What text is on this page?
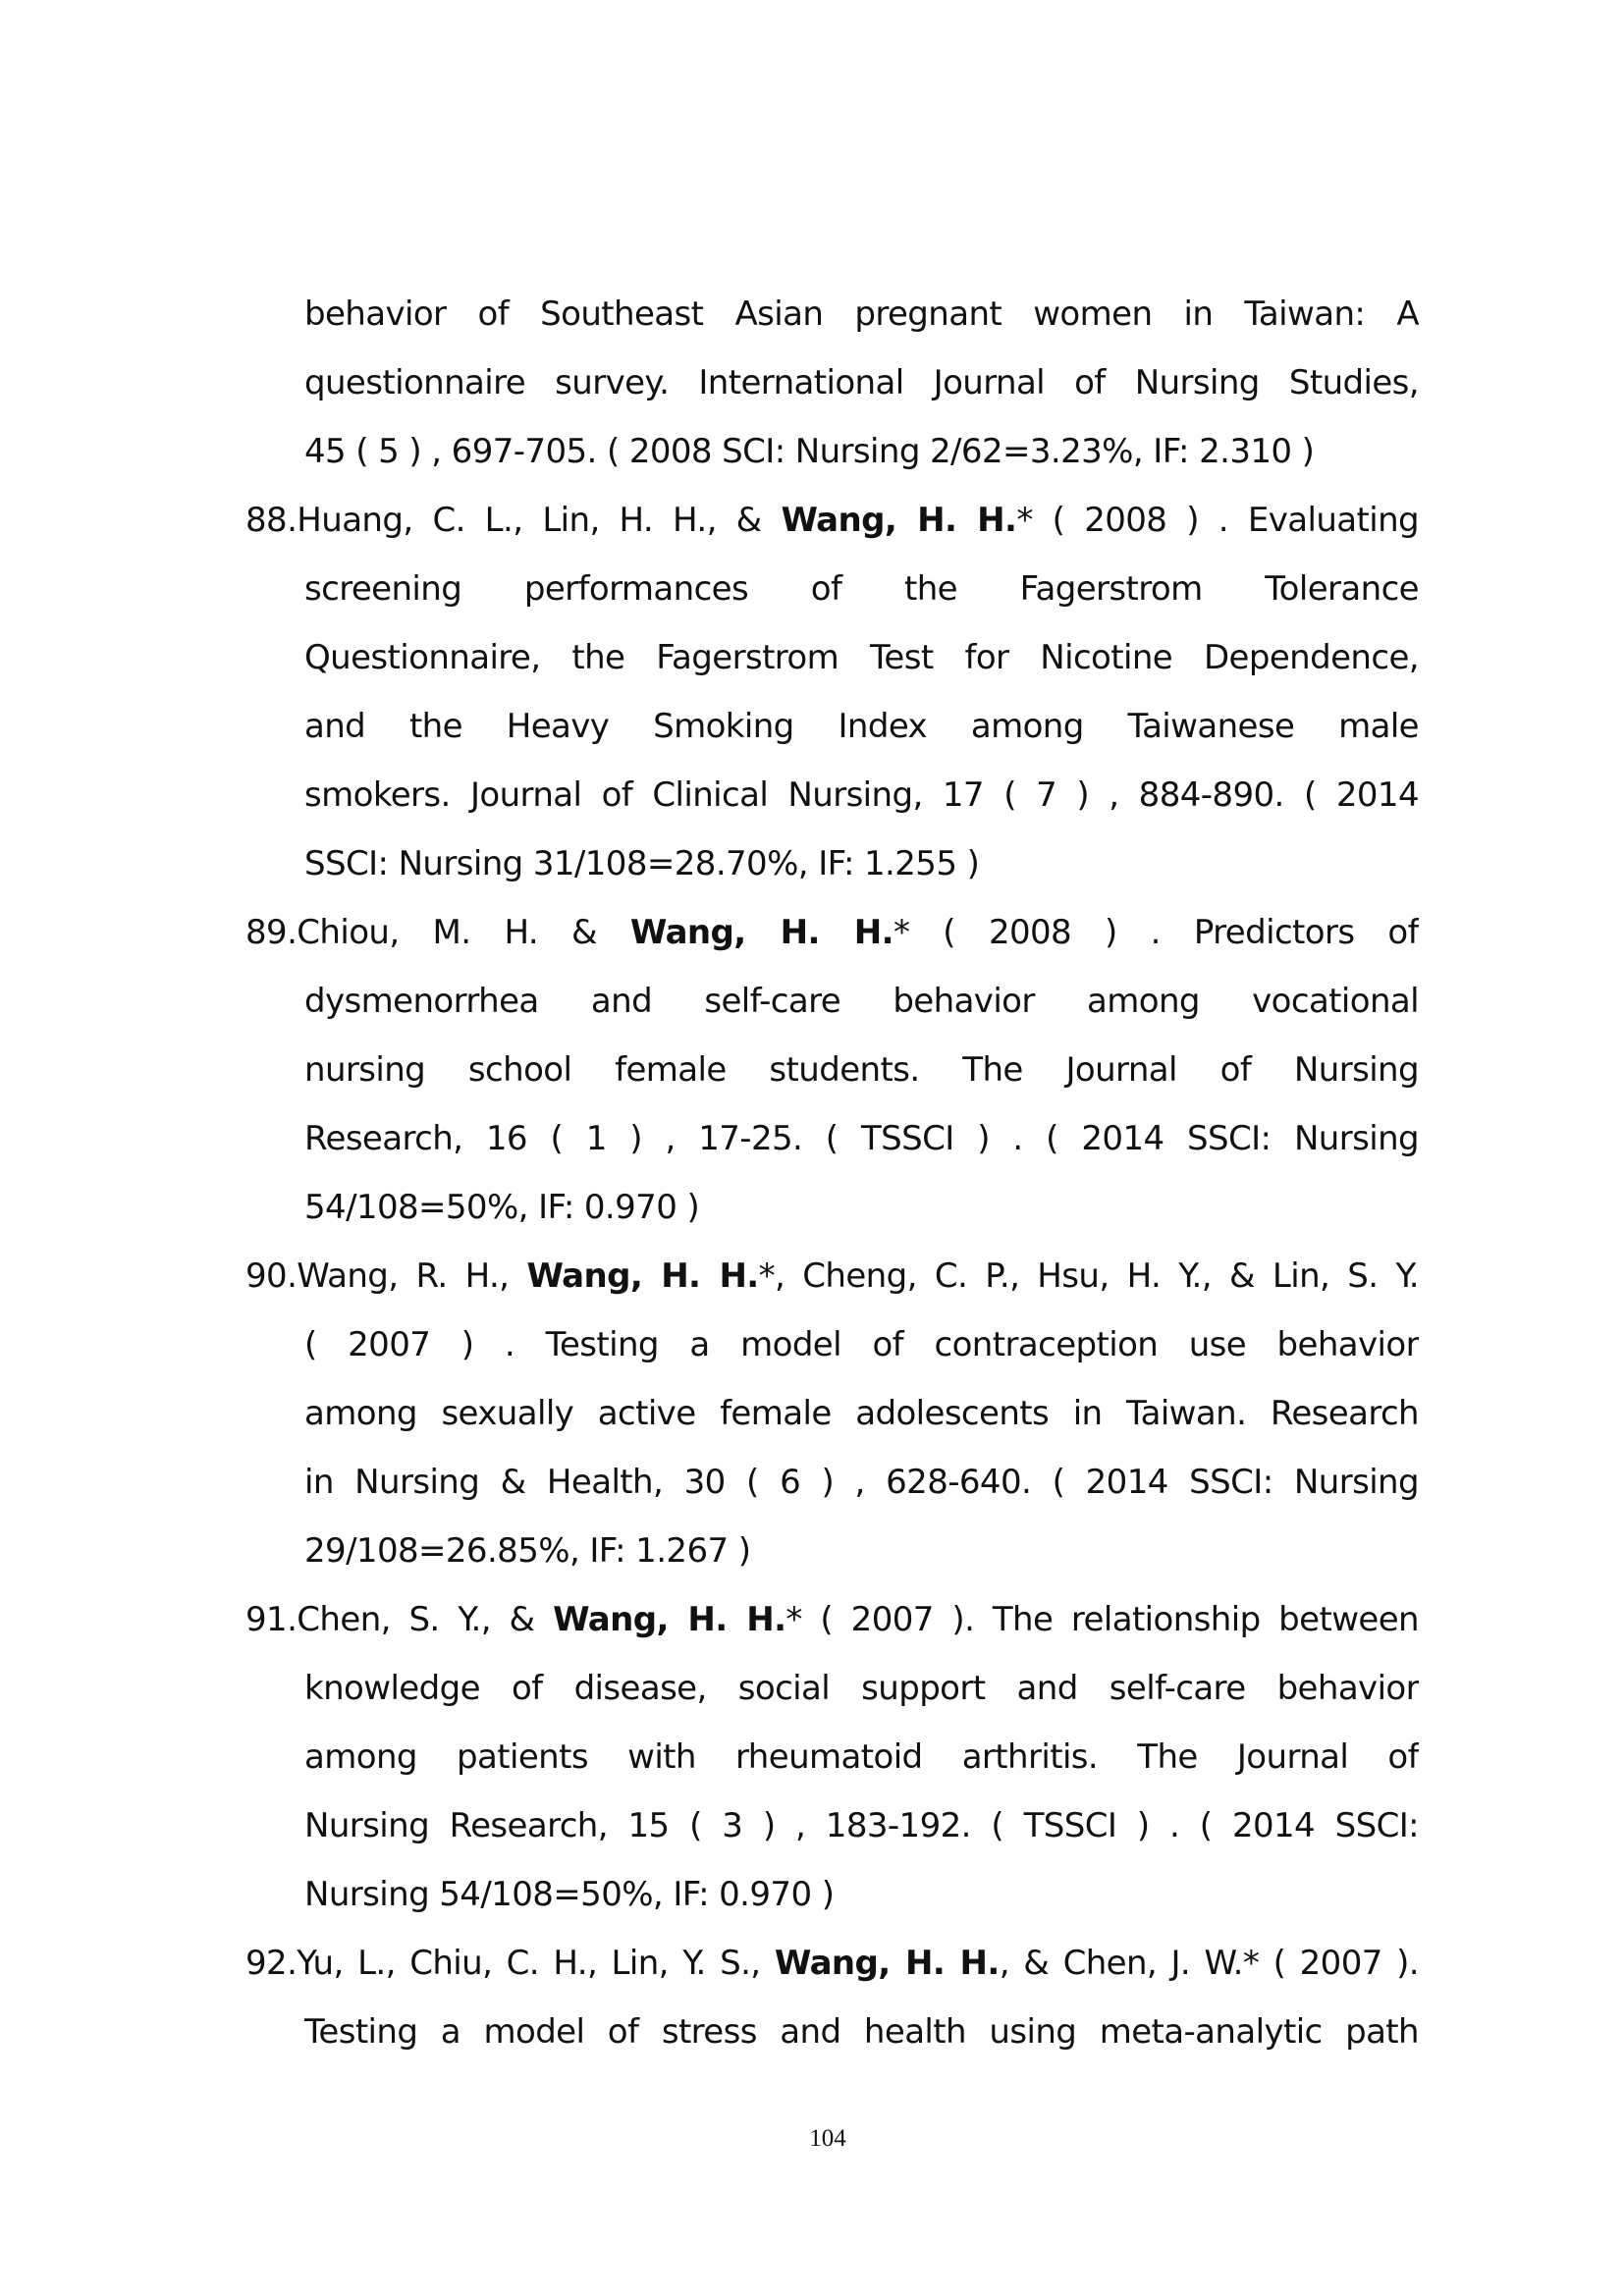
behavior of Southeast Asian pregnant women in Taiwan: A
questionnaire survey. International Journal of Nursing Studies,
45 ( 5 ) , 697-705. ( 2008 SCI: Nursing 2/62=3.23%, IF: 2.310 )
88.Huang, C. L., Lin, H. H., & Wang, H. H.* ( 2008 ) . Evaluating
screening performances of the Fagerstrom Tolerance
Questionnaire, the Fagerstrom Test for Nicotine Dependence,
and the Heavy Smoking Index among Taiwanese male
smokers. Journal of Clinical Nursing, 17 ( 7 ) , 884-890. ( 2014
SSCI: Nursing 31/108=28.70%, IF: 1.255 )
89.Chiou, M. H. & Wang, H. H.* ( 2008 ) . Predictors of
dysmenorrhea and self-care behavior among vocational
nursing school female students. The Journal of Nursing
Research, 16 ( 1 ) , 17-25. ( TSSCI ) . ( 2014 SSCI: Nursing
54/108=50%, IF: 0.970 )
90.Wang, R. H., Wang, H. H.*, Cheng, C. P., Hsu, H. Y., & Lin, S. Y.
( 2007 ) . Testing a model of contraception use behavior
among sexually active female adolescents in Taiwan. Research
in Nursing & Health, 30 ( 6 ) , 628-640. ( 2014 SSCI: Nursing
29/108=26.85%, IF: 1.267 )
91.Chen, S. Y., & Wang, H. H.* ( 2007 ). The relationship between
knowledge of disease, social support and self-care behavior
among patients with rheumatoid arthritis. The Journal of
Nursing Research, 15 ( 3 ) , 183-192. ( TSSCI ) . ( 2014 SSCI:
Nursing 54/108=50%, IF: 0.970 )
92.Yu, L., Chiu, C. H., Lin, Y. S., Wang, H. H., & Chen, J. W.* ( 2007 ).
Testing a model of stress and health using meta-analytic path
104
